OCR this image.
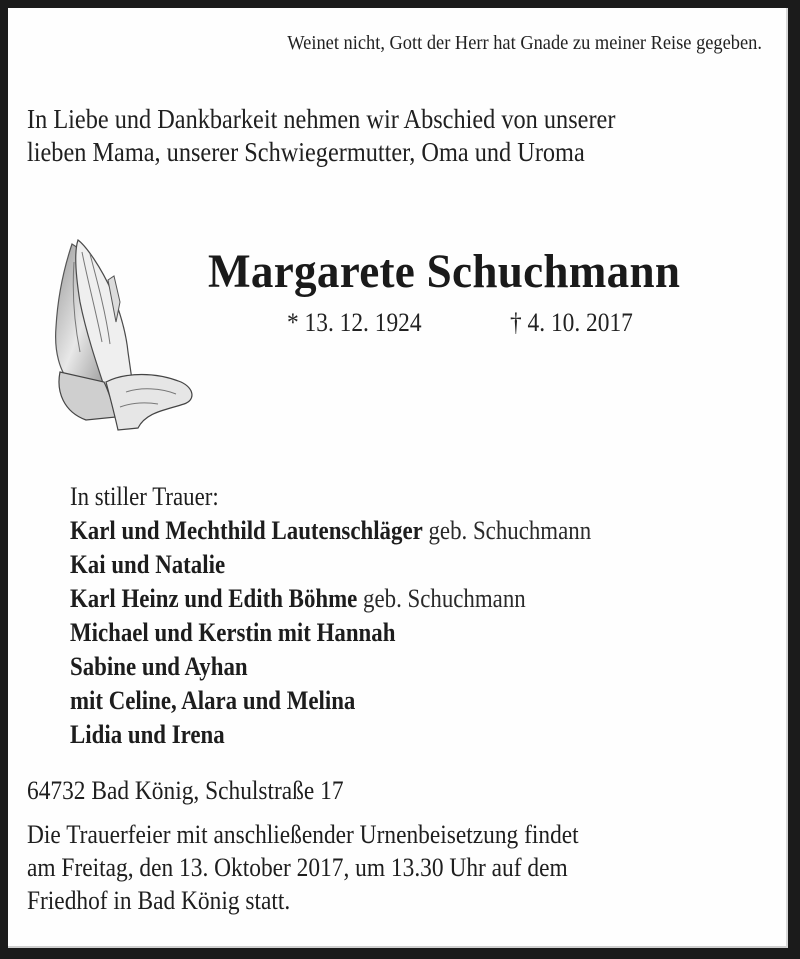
Weinet nicht, Gott der Herr hat Gnade zu meiner Reise gegeben.
In Liebe und Dankbarkeit nehmen wir Abschied von unserer
lieben Mama, unserer Schwiegermutter, Oma und Uroma
Margarete Schuchmann
* 13. 12. 1924	† 4. 10. 2017
In stiller Trauer:
Karl und Mechthild Lautenschläger geb. Schuchmann
Kai und Natalie
Karl Heinz und Edith Böhme geb. Schuchmann
Michael und Kerstin mit Hannah
Sabine und Ayhan
mit Celine, Alara und Melina
Lidia und Irena
64732 Bad König, Schulstraße 17
Die Trauerfeier mit anschließender Urnenbeisetzung findet
am Freitag, den 13. Oktober 2017, um 13.30 Uhr auf dem
Friedhof in Bad König statt.
